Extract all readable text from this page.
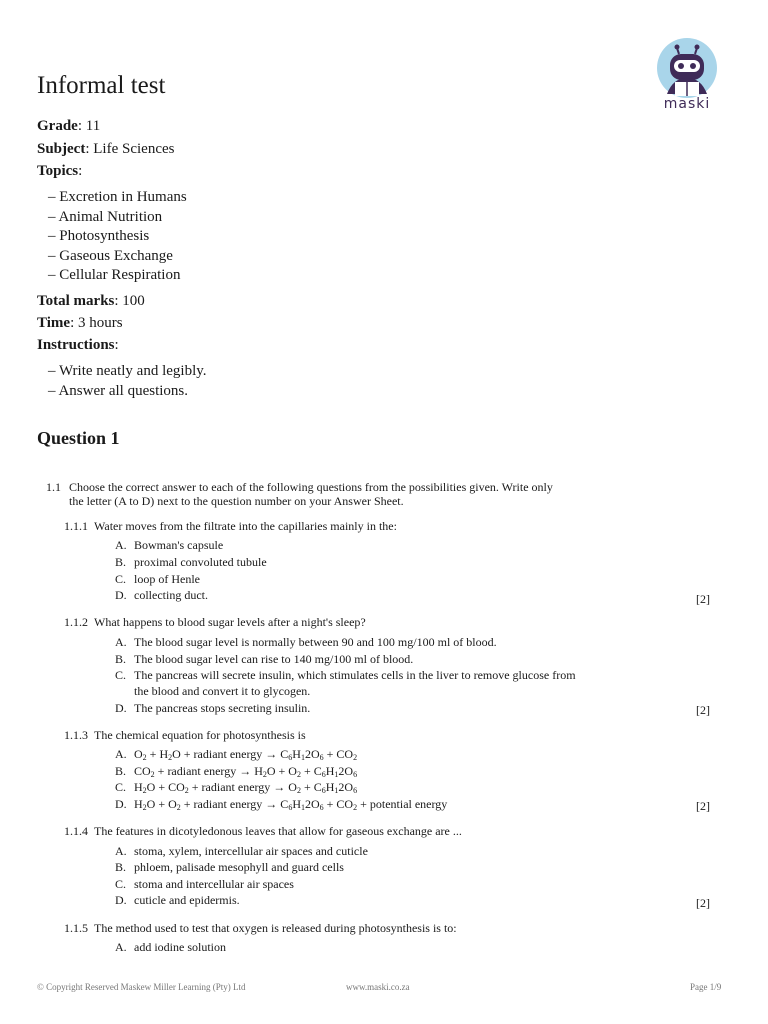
Informal test
maski
Grade: 11
Subject: Life Sciences
Topics:
– Excretion in Humans
– Animal Nutrition
– Photosynthesis
– Gaseous Exchange
– Cellular Respiration
Total marks: 100
Time: 3 hours
Instructions:
– Write neatly and legibly.
– Answer all questions.
Question 1
1.1 Choose the correct answer to each of the following questions from the possibilities given. Write only
the letter (A to D) next to the question number on your Answer Sheet.
1.1.1 Water moves from the filtrate into the capillaries mainly in the:
A. Bowman's capsule
B. proximal convoluted tubule
C. loop of Henle
D. collecting duct.	[2]
1.1.2 What happens to blood sugar levels after a night's sleep?
A. The blood sugar level is normally between 90 and 100 mg/100 ml of blood.
B. The blood sugar level can rise to 140 mg/100 ml of blood.
C. The pancreas will secrete insulin, which stimulates cells in the liver to remove glucose from
the blood and convert it to glycogen.
D. The pancreas stops secreting insulin.	[2]
1.1.3 The chemical equation for photosynthesis is
A. $O_2 + H_2O$ + radiant energy → $C_6H_12O_6 + CO_2$
B. $CO_2$ + radiant energy → $H_2O + O_2 + C_6H_12O_6$
C. $H_2O + CO_2$ + radiant energy → $O_2 + C_6H_12O_6$
D. $H_2O + O_2$ + radiant energy → $C_6H_12O_6 + CO_2$ + potential energy	[2]
1.1.4 The features in dicotyledonous leaves that allow for gaseous exchange are ...
A. stoma, xylem, intercellular air spaces and cuticle
B. phloem, palisade mesophyll and guard cells
C. stoma and intercellular air spaces
D. cuticle and epidermis.	[2]
1.1.5 The method used to test that oxygen is released during photosynthesis is to:
A. add iodine solution
© Copyright Reserved Maskew Miller Learning (Pty) Ltd	www.maski.co.za	Page 1/9
